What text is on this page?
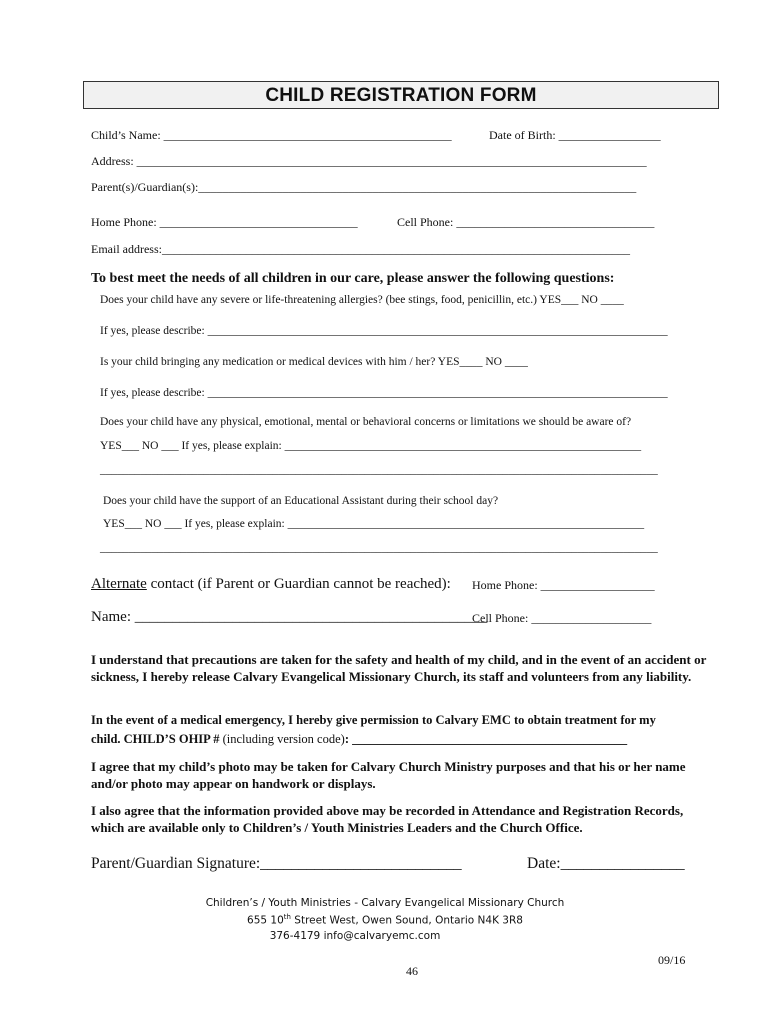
CHILD REGISTRATION FORM
Child’s Name: ________________________________________________	Date of Birth: _________________
Address: _____________________________________________________________________________________
Parent(s)/Guardian(s):_________________________________________________________________________
Home Phone: _________________________________	Cell Phone: _________________________________
Email address:______________________________________________________________________________
To best meet the needs of all children in our care, please answer the following questions:
Does your child have any severe or life-threatening allergies? (bee stings, food, penicillin, etc.) YES___ NO ____
If yes, please describe: ________________________________________________________________________________
Is your child bringing any medication or medical devices with him / her? YES____ NO ____
If yes, please describe: ________________________________________________________________________________
Does your child have any physical, emotional, mental or behavioral concerns or limitations we should be aware of?
YES___ NO ___ If yes, please explain: ______________________________________________________________
_________________________________________________________________________________________________
Does your child have the support of an Educational Assistant during their school day?
YES___ NO ___ If yes, please explain: ______________________________________________________________
_________________________________________________________________________________________________
Alternate contact (if Parent or Guardian cannot be reached): Home Phone: ___________________
Name: _______________________________________________
Cell Phone: ____________________
I understand that precautions are taken for the safety and health of my child, and in the event of an accident or sickness, I hereby release Calvary Evangelical Missionary Church, its staff and volunteers from any liability.
In the event of a medical emergency, I hereby give permission to Calvary EMC to obtain treatment for my
child. CHILD’S OHIP # (including version code): ____________________________________________
I agree that my child’s photo may be taken for Calvary Church Ministry purposes and that his or her name and/or photo may appear on handwork or displays.
I also agree that the information provided above may be recorded in Attendance and Registration Records, which are available only to Children’s / Youth Ministries Leaders and the Church Office.
Parent/Guardian Signature:__________________________	Date:________________
Children’s / Youth Ministries - Calvary Evangelical Missionary Church
655 10th Street West, Owen Sound, Ontario N4K 3R8
376-4179 info@calvaryemc.com
09/16
46
